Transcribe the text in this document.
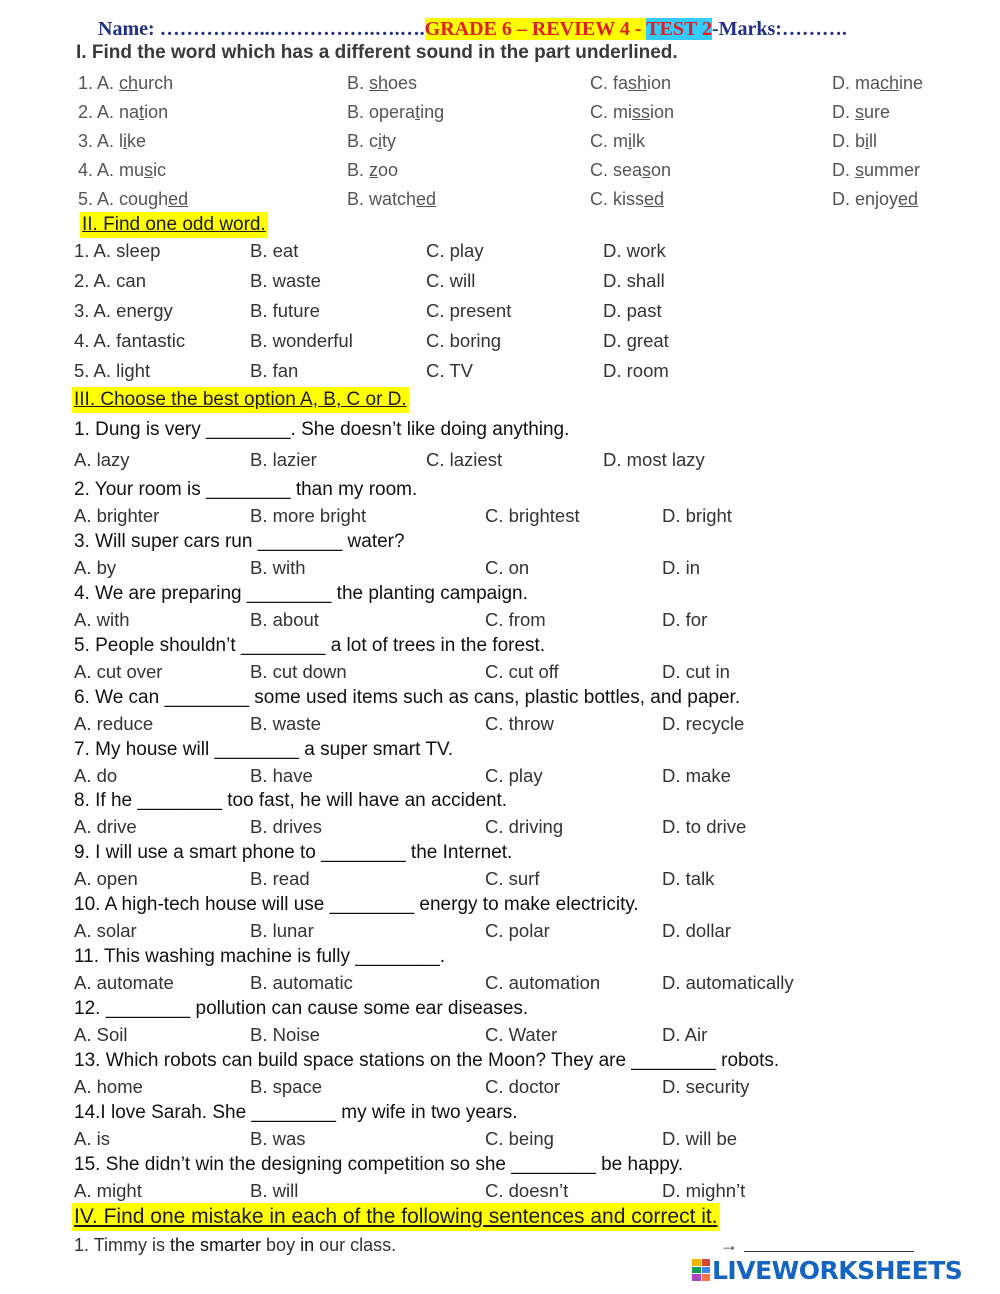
Name: ……………..…………….….….GRADE 6 – REVIEW 4 - TEST 2-Marks:……….
I. Find the word which has a different sound in the part underlined.
1. A. church	B. shoes	C. fashion	D. machine
2. A. nation	B. operating	C. mission	D. sure
3. A. like	B. city	C. milk	D. bill
4. A. music	B. zoo	C. season	D. summer
5. A. coughed	B. watched	C. kissed	D. enjoyed
II. Find one odd word.
1. A. sleep	B. eat	C. play	D. work
2. A. can	B. waste	C. will	D. shall
3. A. energy	B. future	C. present	D. past
4. A. fantastic	B. wonderful	C. boring	D. great
5. A. light	B. fan	C. TV	D. room
III. Choose the best option A, B, C or D.
1. Dung is very ________. She doesn’t like doing anything.
A. lazy	B. lazier	C. laziest	D. most lazy
2. Your room is ________ than my room.
A. brighter	B. more bright	C. brightest	D. bright
3. Will super cars run ________ water?
A. by	B. with	C. on	D. in
4. We are preparing ________ the planting campaign.
A. with	B. about	C. from	D. for
5. People shouldn’t ________ a lot of trees in the forest.
A. cut over	B. cut down	C. cut off	D. cut in
6. We can ________ some used items such as cans, plastic bottles, and paper.
A. reduce	B. waste	C. throw	D. recycle
7. My house will ________ a super smart TV.
A. do	B. have	C. play	D. make
8. If he ________ too fast, he will have an accident.
A. drive	B. drives	C. driving	D. to drive
9. I will use a smart phone to ________ the Internet.
A. open	B. read	C. surf	D. talk
10. A high-tech house will use ________ energy to make electricity.
A. solar	B. lunar	C. polar	D. dollar
11. This washing machine is fully ________.
A. automate	B. automatic	C. automation	D. automatically
12. ________ pollution can cause some ear diseases.
A. Soil	B. Noise	C. Water	D. Air
13. Which robots can build space stations on the Moon? They are ________ robots.
A. home	B. space	C. doctor	D. security
14.I love Sarah. She ________ my wife in two years.
A. is	B. was	C. being	D. will be
15. She didn’t win the designing competition so she ________ be happy.
A. might	B. will	C. doesn’t	D. mighn’t
IV. Find one mistake in each of the following sentences and correct it.
1. Timmy is the smarter boy in our class.	→
LIVEWORKSHEETS
